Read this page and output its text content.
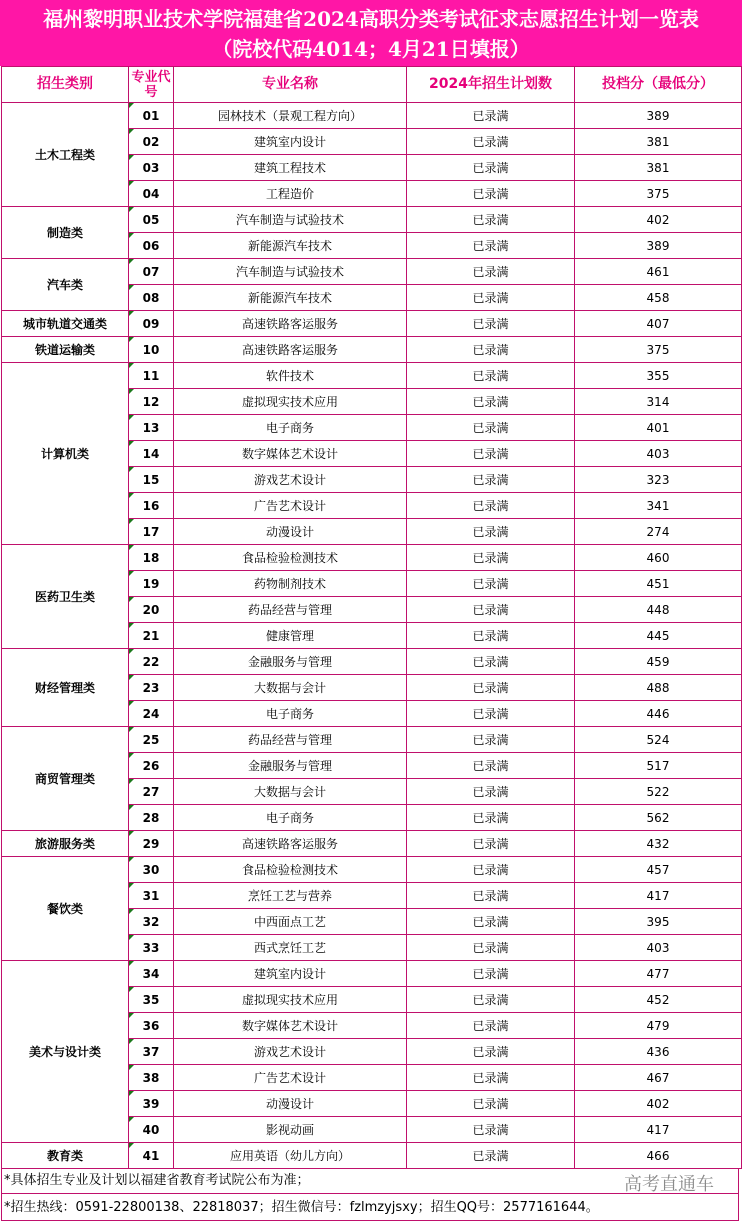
福州黎明职业技术学院福建省2024高职分类考试征求志愿招生计划一览表
（院校代码4014；4月21日填报）
招生类别	专业代号	专业名称	2024年招生计划数	投档分（最低分）
土木工程类	01	园林技术（景观工程方向）	已录满	389

02	建筑室内设计	已录满	381

03	建筑工程技术	已录满	381

04	工程造价	已录满	375
制造类	05	汽车制造与试验技术	已录满	402

06	新能源汽车技术	已录满	389
汽车类	07	汽车制造与试验技术	已录满	461

08	新能源汽车技术	已录满	458
城市轨道交通类	09	高速铁路客运服务	已录满	407
铁道运输类	10	高速铁路客运服务	已录满	375
计算机类	11	软件技术	已录满	355

12	虚拟现实技术应用	已录满	314

13	电子商务	已录满	401

14	数字媒体艺术设计	已录满	403

15	游戏艺术设计	已录满	323

16	广告艺术设计	已录满	341

17	动漫设计	已录满	274
医药卫生类	18	食品检验检测技术	已录满	460

19	药物制剂技术	已录满	451

20	药品经营与管理	已录满	448

21	健康管理	已录满	445
财经管理类	22	金融服务与管理	已录满	459

23	大数据与会计	已录满	488

24	电子商务	已录满	446
商贸管理类	25	药品经营与管理	已录满	524

26	金融服务与管理	已录满	517

27	大数据与会计	已录满	522

28	电子商务	已录满	562
旅游服务类	29	高速铁路客运服务	已录满	432
餐饮类	30	食品检验检测技术	已录满	457

31	烹饪工艺与营养	已录满	417

32	中西面点工艺	已录满	395

33	西式烹饪工艺	已录满	403
美术与设计类	34	建筑室内设计	已录满	477

35	虚拟现实技术应用	已录满	452

36	数字媒体艺术设计	已录满	479

37	游戏艺术设计	已录满	436

38	广告艺术设计	已录满	467

39	动漫设计	已录满	402

40	影视动画	已录满	417
教育类	41	应用英语（幼儿方向）	已录满	466
*具体招生专业及计划以福建省教育考试院公布为准；
*招生热线：0591-22800138、22818037；招生微信号：fzlmzyjsxy；招生QQ号：2577161644。
高考直通车
